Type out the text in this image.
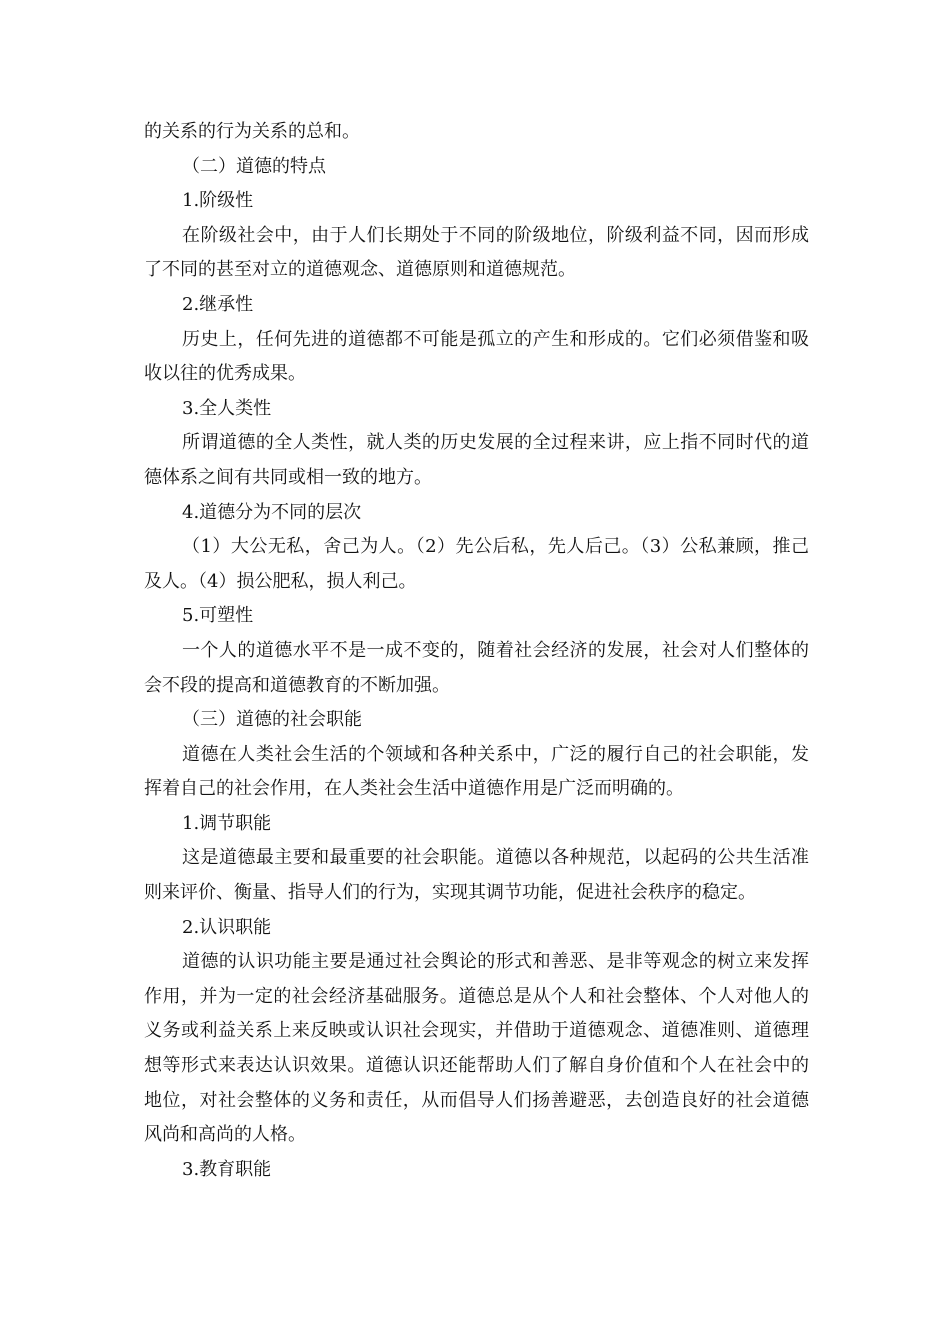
的关系的行为关系的总和。

（二）道德的特点

1.阶级性

在阶级社会中，由于人们长期处于不同的阶级地位，阶级利益不同，因而形成了不同的甚至对立的道德观念、道德原则和道德规范。

2.继承性

历史上，任何先进的道德都不可能是孤立的产生和形成的。它们必须借鉴和吸收以往的优秀成果。

3.全人类性

所谓道德的全人类性，就人类的历史发展的全过程来讲，应上指不同时代的道德体系之间有共同或相一致的地方。

4.道德分为不同的层次

（1）大公无私，舍己为人。（2）先公后私，先人后己。（3）公私兼顾，推己及人。（4）损公肥私，损人利己。

5.可塑性

一个人的道德水平不是一成不变的，随着社会经济的发展，社会对人们整体的会不段的提高和道德教育的不断加强。

（三）道德的社会职能

道德在人类社会生活的个领域和各种关系中，广泛的履行自己的社会职能，发挥着自己的社会作用，在人类社会生活中道德作用是广泛而明确的。

1.调节职能

这是道德最主要和最重要的社会职能。道德以各种规范，以起码的公共生活准则来评价、衡量、指导人们的行为，实现其调节功能，促进社会秩序的稳定。

2.认识职能

道德的认识功能主要是通过社会舆论的形式和善恶、是非等观念的树立来发挥作用，并为一定的社会经济基础服务。道德总是从个人和社会整体、个人对他人的义务或利益关系上来反映或认识社会现实，并借助于道德观念、道德准则、道德理想等形式来表达认识效果。道德认识还能帮助人们了解自身价值和个人在社会中的地位，对社会整体的义务和责任，从而倡导人们扬善避恶，去创造良好的社会道德风尚和高尚的人格。

3.教育职能
